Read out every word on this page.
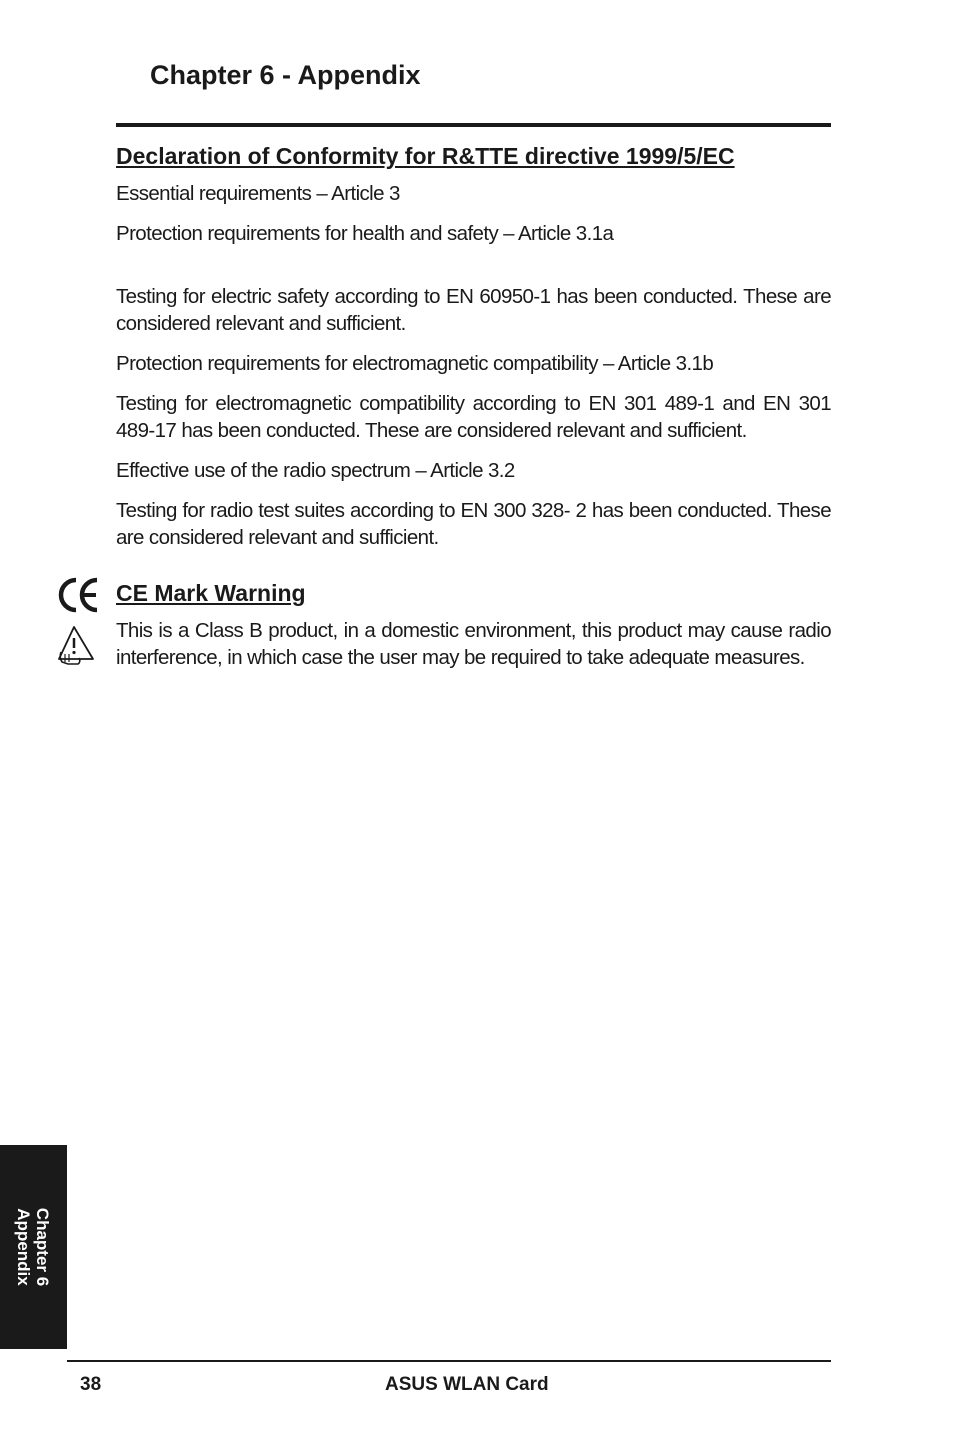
Chapter 6 - Appendix
Declaration of Conformity for R&TTE directive 1999/5/EC

Essential requirements – Article 3

Protection requirements for health and safety – Article 3.1a

Testing for electric safety according to EN 60950-1 has been conducted. These are considered relevant and sufficient.

Protection requirements for electromagnetic compatibility – Article 3.1b

Testing for electromagnetic compatibility according to EN 301 489-1 and EN 301 489-17 has been conducted. These are considered relevant and sufficient.

Effective use of the radio spectrum – Article 3.2

Testing for radio test suites according to EN 300 328- 2 has been conducted. These are considered relevant and sufficient.

CE Mark Warning

This is a Class B product, in a domestic environment, this product may cause radio interference, in which case the user may be required to take adequate measures.

Chapter 6
Appendix
38	ASUS WLAN Card
